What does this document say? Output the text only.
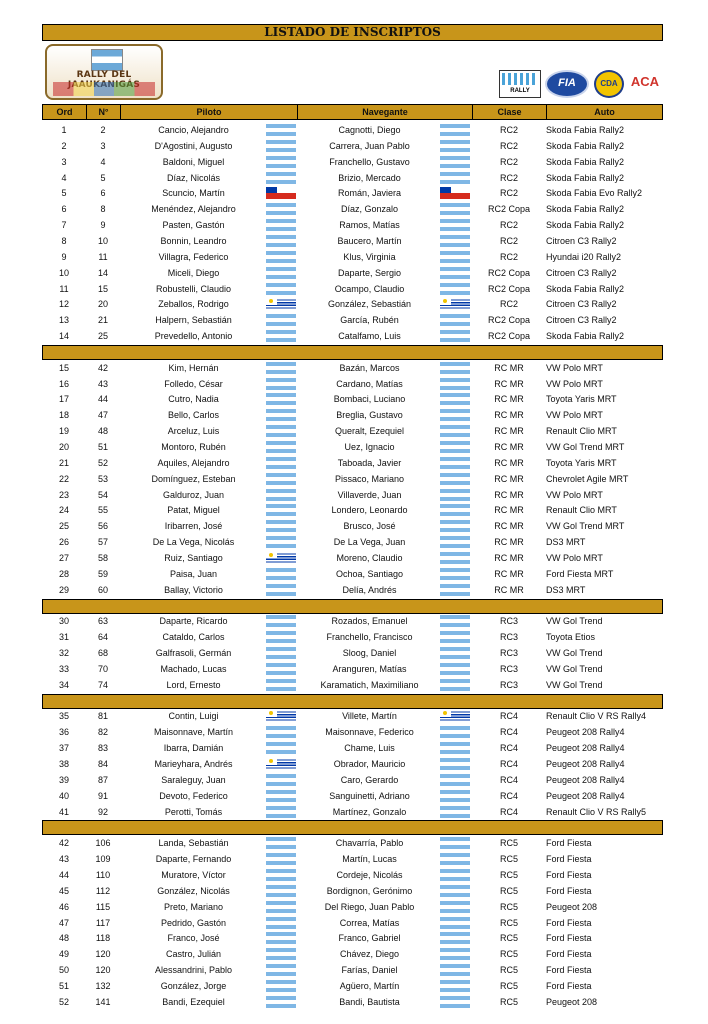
LISTADO DE INSCRIPTOS
RALLY DEL
RALLY
FIA	CDA	ACA
Ord	N°	Piloto	Navegante	Clase	Auto
1	2	Cancio, Alejandro	Cagnotti, Diego	RC2	Skoda Fabia Rally2
2	3	D'Agostini, Augusto	Carrera, Juan Pablo	RC2	Skoda Fabia Rally2
3	4	Baldoni, Miguel	Franchello, Gustavo	RC2	Skoda Fabia Rally2
4	5	Díaz, Nicolás	Brizio, Mercado	RC2	Skoda Fabia Rally2
5	6	Scuncio, Martín	Román, Javiera	RC2	Skoda Fabia Evo Rally2
6	8	Menéndez, Alejandro	Díaz, Gonzalo	RC2 Copa	Skoda Fabia Rally2
7	9	Pasten, Gastón	Ramos, Matías	RC2	Skoda Fabia Rally2
8	10	Bonnin, Leandro	Baucero, Martín	RC2	Citroen C3 Rally2
9	11	Villagra, Federico	Klus, Virginia	RC2	Hyundai i20 Rally2
10	14	Miceli, Diego	Daparte, Sergio	RC2 Copa	Citroen C3 Rally2
11	15	Robustelli, Claudio	Ocampo, Claudio	RC2 Copa	Skoda Fabia Rally2
12	20	Zeballos, Rodrigo	González, Sebastián	RC2	Citroen C3 Rally2
13	21	Halpern, Sebastián	García, Rubén	RC2 Copa	Citroen C3 Rally2
14	25	Prevedello, Antonio	Catalfamo, Luis	RC2 Copa	Skoda Fabia Rally2
15	42	Kim, Hernán	Bazán, Marcos	RC MR	VW Polo MRT
16	43	Folledo, César	Cardano, Matías	RC MR	VW Polo MRT
17	44	Cutro, Nadia	Bombaci, Luciano	RC MR	Toyota Yaris MRT
18	47	Bello, Carlos	Breglia, Gustavo	RC MR	VW Polo MRT
19	48	Arceluz, Luis	Queralt, Ezequiel	RC MR	Renault Clio MRT
20	51	Montoro, Rubén	Uez, Ignacio	RC MR	VW Gol Trend MRT
21	52	Aquiles, Alejandro	Taboada, Javier	RC MR	Toyota Yaris MRT
22	53	Domínguez, Esteban	Pissaco, Mariano	RC MR	Chevrolet Agile MRT
23	54	Galduroz, Juan	Villaverde, Juan	RC MR	VW Polo MRT
24	55	Patat, Miguel	Londero, Leonardo	RC MR	Renault Clio MRT
25	56	Iribarren, José	Brusco, José	RC MR	VW Gol Trend MRT
26	57	De La Vega, Nicolás	De La Vega, Juan	RC MR	DS3 MRT
27	58	Ruiz, Santiago	Moreno, Claudio	RC MR	VW Polo MRT
28	59	Paisa, Juan	Ochoa, Santiago	RC MR	Ford Fiesta MRT
29	60	Ballay, Victorio	Delía, Andrés	RC MR	DS3 MRT
30	63	Daparte, Ricardo	Rozados, Emanuel	RC3	VW Gol Trend
31	64	Cataldo, Carlos	Franchello, Francisco	RC3	Toyota Etios
32	68	Galfrasoli, Germán	Sloog, Daniel	RC3	VW Gol Trend
33	70	Machado, Lucas	Aranguren, Matías	RC3	VW Gol Trend
34	74	Lord, Ernesto	Karamatich, Maximiliano	RC3	VW Gol Trend
35	81	Contin, Luigi	Villete, Martín	RC4	Renault Clio V RS Rally4
36	82	Maisonnave, Martín	Maisonnave, Federico	RC4	Peugeot 208 Rally4
37	83	Ibarra, Damián	Chame, Luis	RC4	Peugeot 208 Rally4
38	84	Marieyhara, Andrés	Obrador, Mauricio	RC4	Peugeot 208 Rally4
39	87	Saraleguy, Juan	Caro, Gerardo	RC4	Peugeot 208 Rally4
40	91	Devoto, Federico	Sanguinetti, Adriano	RC4	Peugeot 208 Rally4
41	92	Perotti, Tomás	Martínez, Gonzalo	RC4	Renault Clio V RS Rally5
42	106	Landa, Sebastián	Chavarría, Pablo	RC5	Ford Fiesta
43	109	Daparte, Fernando	Martín, Lucas	RC5	Ford Fiesta
44	110	Muratore, Víctor	Cordeje, Nicolás	RC5	Ford Fiesta
45	112	González, Nicolás	Bordignon, Gerónimo	RC5	Ford Fiesta
46	115	Preto, Mariano	Del Riego, Juan Pablo	RC5	Peugeot 208
47	117	Pedrido, Gastón	Correa, Matías	RC5	Ford Fiesta
48	118	Franco, José	Franco, Gabriel	RC5	Ford Fiesta
49	120	Castro, Julián	Chávez, Diego	RC5	Ford Fiesta
50	120	Alessandrini, Pablo	Farías, Daniel	RC5	Ford Fiesta
51	132	González, Jorge	Agüero, Martín	RC5	Ford Fiesta
52	141	Bandi, Ezequiel	Bandi, Bautista	RC5	Peugeot 208
